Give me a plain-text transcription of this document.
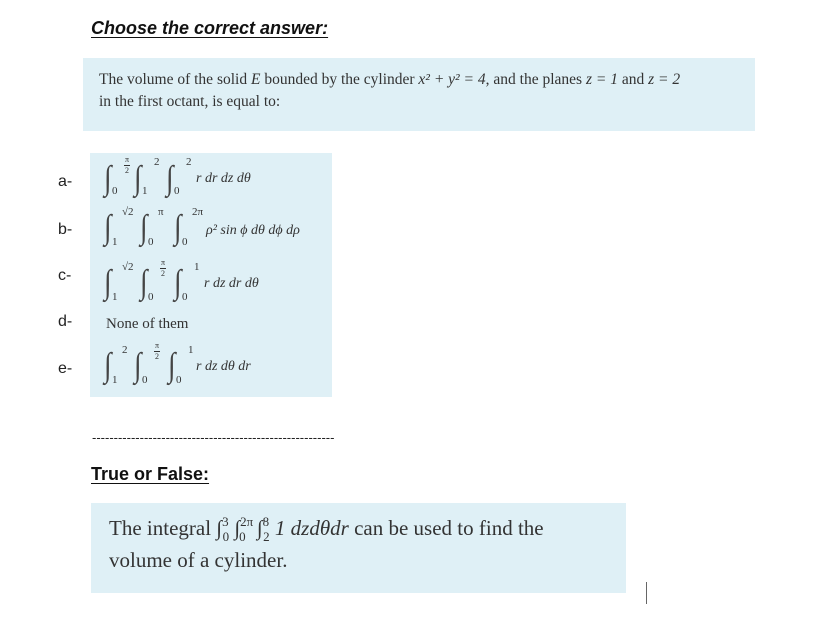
Choose the correct answer:
The volume of the solid E bounded by the cylinder x² + y² = 4, and the planes z = 1 and z = 2
in the first octant, is equal to:
a-
b-
c-
d-
e-
∫
π
2
0 ∫ 2
1 ∫ 2
0
r dr dz dθ
∫ √2
1 ∫ π
0 ∫ 2π
0
ρ² sin ϕ dθ dϕ dρ
∫ √2
1 ∫
π
2
0 ∫ 1
0
r dz dr dθ
None of them
∫ 2
1 ∫
π
2
0 ∫ 1
0
r dz dθ dr
--------------------------------------------------------
True or False:
The integral ∫$^3_0$ ∫$^{2\pi}_0$ ∫$^8_2$ 1 dzdθdr can be used to find the
volume of a cylinder.
